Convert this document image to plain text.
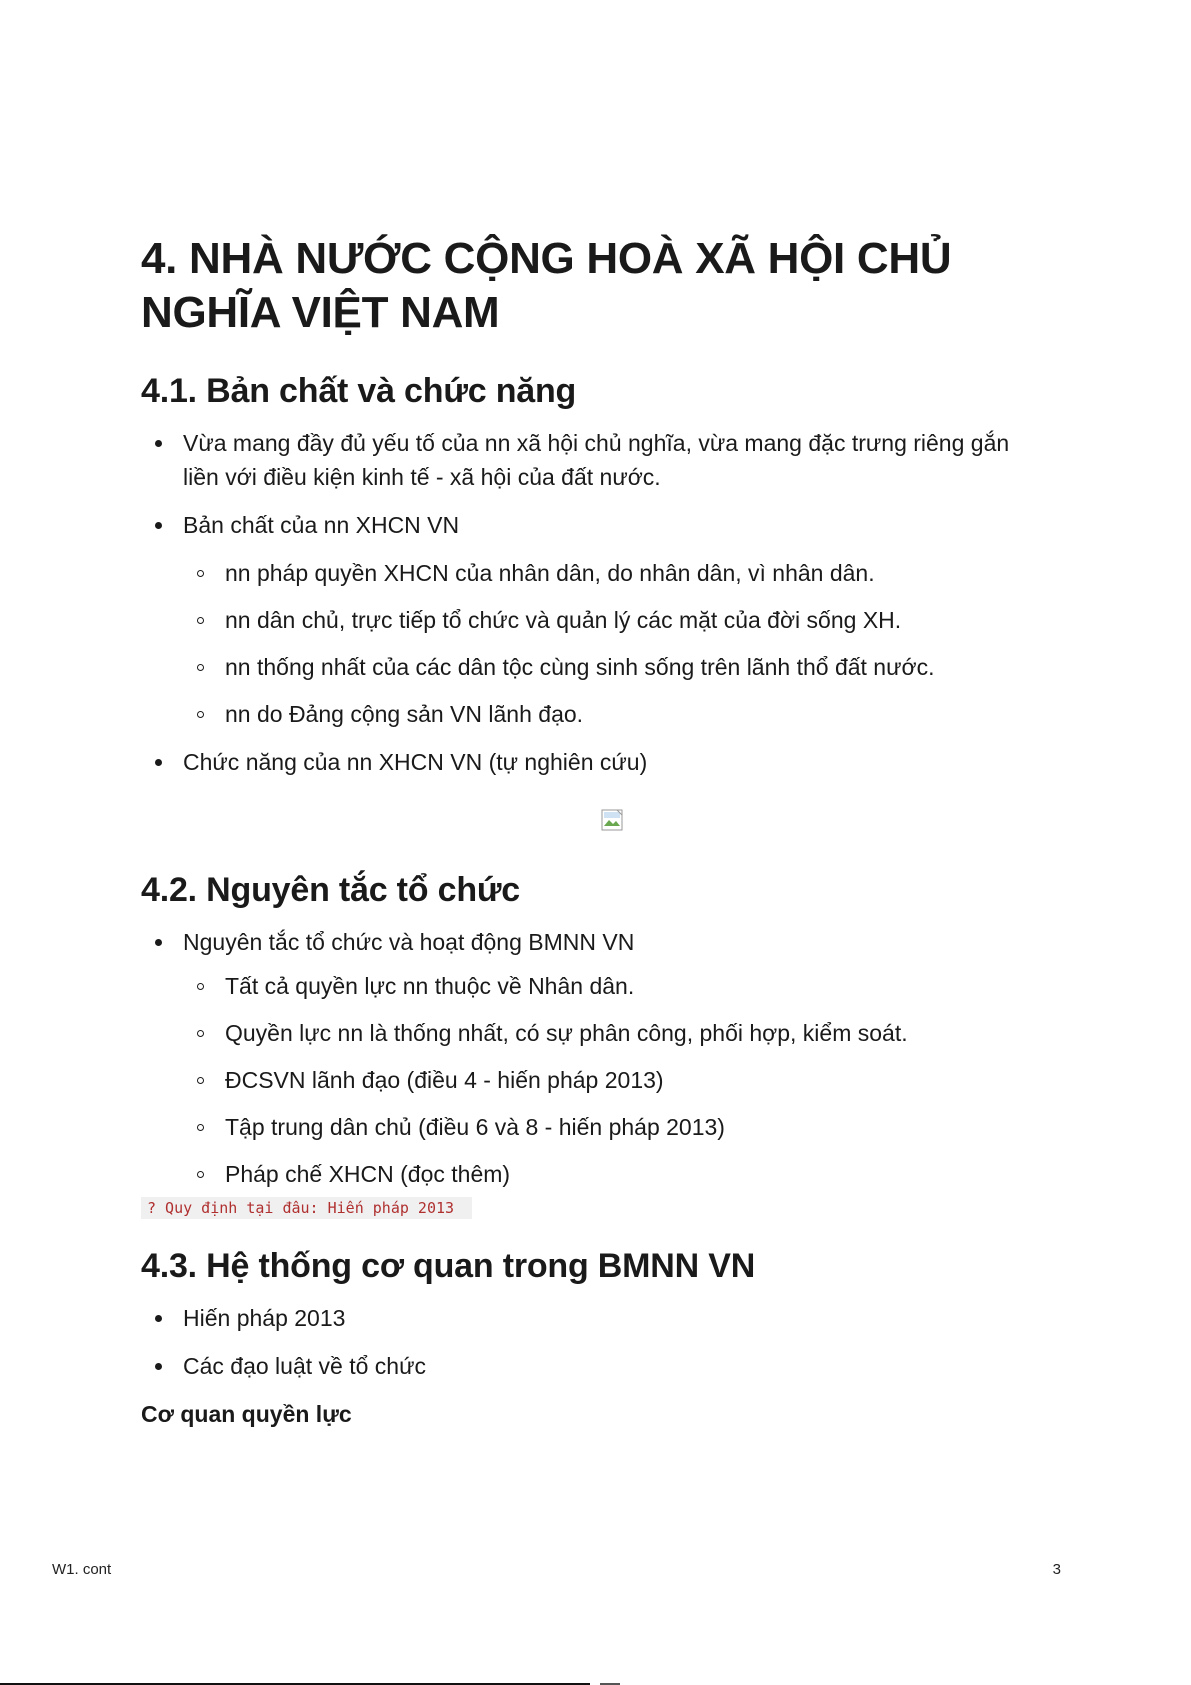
4. NHÀ NƯỚC CỘNG HOÀ XÃ HỘI CHỦ NGHĨA VIỆT NAM
4.1. Bản chất và chức năng
Vừa mang đầy đủ yếu tố của nn xã hội chủ nghĩa, vừa mang đặc trưng riêng gắn liền với điều kiện kinh tế - xã hội của đất nước.
Bản chất của nn XHCN VN
nn pháp quyền XHCN của nhân dân, do nhân dân, vì nhân dân.
nn dân chủ, trực tiếp tổ chức và quản lý các mặt của đời sống XH.
nn thống nhất của các dân tộc cùng sinh sống trên lãnh thổ đất nước.
nn do Đảng cộng sản VN lãnh đạo.
Chức năng của nn XHCN VN (tự nghiên cứu)
4.2. Nguyên tắc tổ chức
Nguyên tắc tổ chức và hoạt động BMNN VN
Tất cả quyền lực nn thuộc về Nhân dân.
Quyền lực nn là thống nhất, có sự phân công, phối hợp, kiểm soát.
ĐCSVN lãnh đạo (điều 4 - hiến pháp 2013)
Tập trung dân chủ (điều 6 và 8 - hiến pháp 2013)
Pháp chế XHCN (đọc thêm)
? Quy định tại đâu: Hiến pháp 2013
4.3. Hệ thống cơ quan trong BMNN VN
Hiến pháp 2013
Các đạo luật về tổ chức
Cơ quan quyền lực
W1. cont	3
